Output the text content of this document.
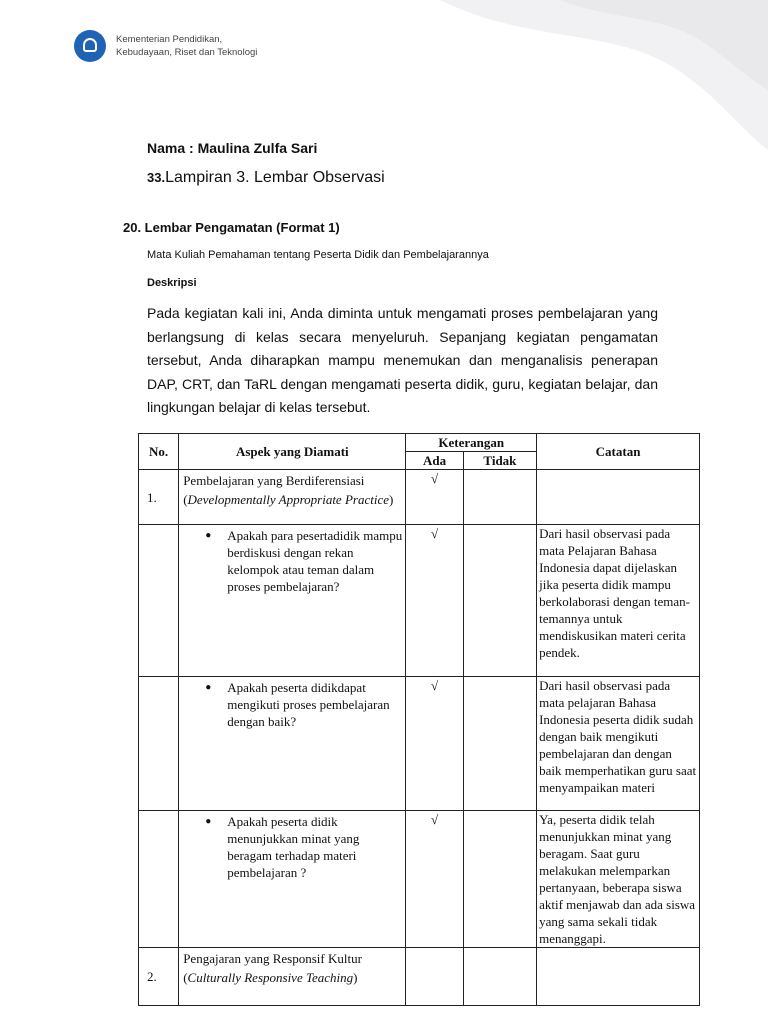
Kementerian Pendidikan,
Kebudayaan, Riset dan Teknologi
Nama : Maulina Zulfa Sari
33.Lampiran 3. Lembar Observasi
20. Lembar Pengamatan (Format 1)
Mata Kuliah Pemahaman tentang Peserta Didik dan Pembelajarannya
Deskripsi
Pada kegiatan kali ini, Anda diminta untuk mengamati proses pembelajaran yang berlangsung di kelas secara menyeluruh. Sepanjang kegiatan pengamatan tersebut, Anda diharapkan mampu menemukan dan menganalisis penerapan DAP, CRT, dan TaRL dengan mengamati peserta didik, guru, kegiatan belajar, dan lingkungan belajar di kelas tersebut.
No.	Aspek yang Diamati	Keterangan		Catatan
		Ada	Tidak	
1.	Pembelajaran yang Berdiferensiasi (Developmentally Appropriate Practice)	√		

	● Apakah para pesertadidik mampu berdiskusi dengan rekan kelompok atau teman dalam proses pembelajaran?	√		Dari hasil observasi pada mata Pelajaran Bahasa Indonesia dapat dijelaskan jika peserta didik mampu berkolaborasi dengan teman-temannya untuk mendiskusikan materi cerita pendek.

	● Apakah peserta didikdapat mengikuti proses pembelajaran dengan baik?	√		Dari hasil observasi pada mata pelajaran Bahasa Indonesia peserta didik sudah dengan baik mengikuti pembelajaran dan dengan baik memperhatikan guru saat menyampaikan materi

	● Apakah peserta didik menunjukkan minat yang beragam terhadap materi pembelajaran ?	√		Ya, peserta didik telah menunjukkan minat yang beragam. Saat guru melakukan melemparkan pertanyaan, beberapa siswa aktif menjawab dan ada siswa yang sama sekali tidak menanggapi.
2.	Pengajaran yang Responsif Kultur (Culturally Responsive Teaching)			
